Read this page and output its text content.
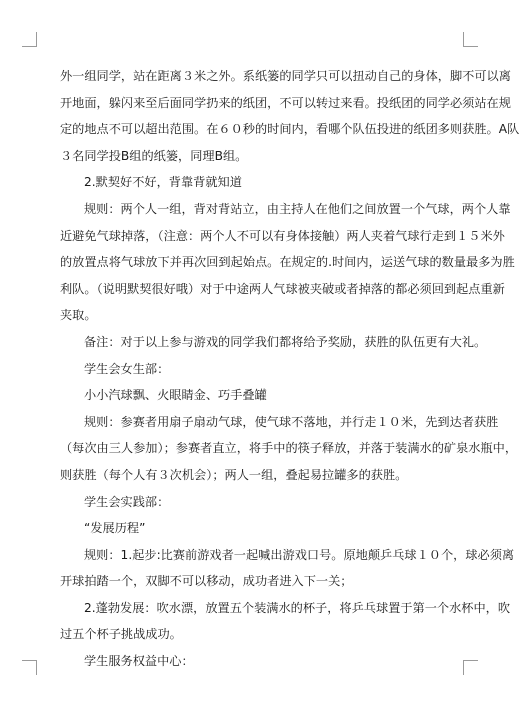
外一组同学，站在距离３米之外。系纸篓的同学只可以扭动自己的身体，脚不可以离
开地面，躲闪来至后面同学扔来的纸团，不可以转过来看。投纸团的同学必须站在规
定的地点不可以超出范围。在６０秒的时间内，看哪个队伍投进的纸团多则获胜。A队
３名同学投B组的纸篓，同理B组。
2.默契好不好，背靠背就知道
规则：两个人一组，背对背站立，由主持人在他们之间放置一个气球，两个人靠
近避免气球掉落，（注意：两个人不可以有身体接触）两人夹着气球行走到１５米外
的放置点将气球放下并再次回到起始点。在规定的.时间内，运送气球的数量最多为胜
利队。（说明默契很好哦）对于中途两人气球被夹破或者掉落的都必须回到起点重新
夹取。
备注：对于以上参与游戏的同学我们都将给予奖励，获胜的队伍更有大礼。
学生会女生部：
小小汽球飘、火眼睛金、巧手叠罐
规则：参赛者用扇子扇动气球，使气球不落地，并行走１０米，先到达者获胜
（每次由三人参加）；参赛者直立，将手中的筷子释放，并落于装满水的矿泉水瓶中，
则获胜（每个人有３次机会）；两人一组，叠起易拉罐多的获胜。
学生会实践部：
“发展历程”
规则：1.起步:比赛前游戏者一起喊出游戏口号。原地颠乒乓球１０个，球必须离
开球拍踏一个，双脚不可以移动，成功者进入下一关；
2.蓬勃发展：吹水漂，放置五个装满水的杯子，将乒乓球置于第一个水杯中，吹
过五个杯子挑战成功。
学生服务权益中心：
